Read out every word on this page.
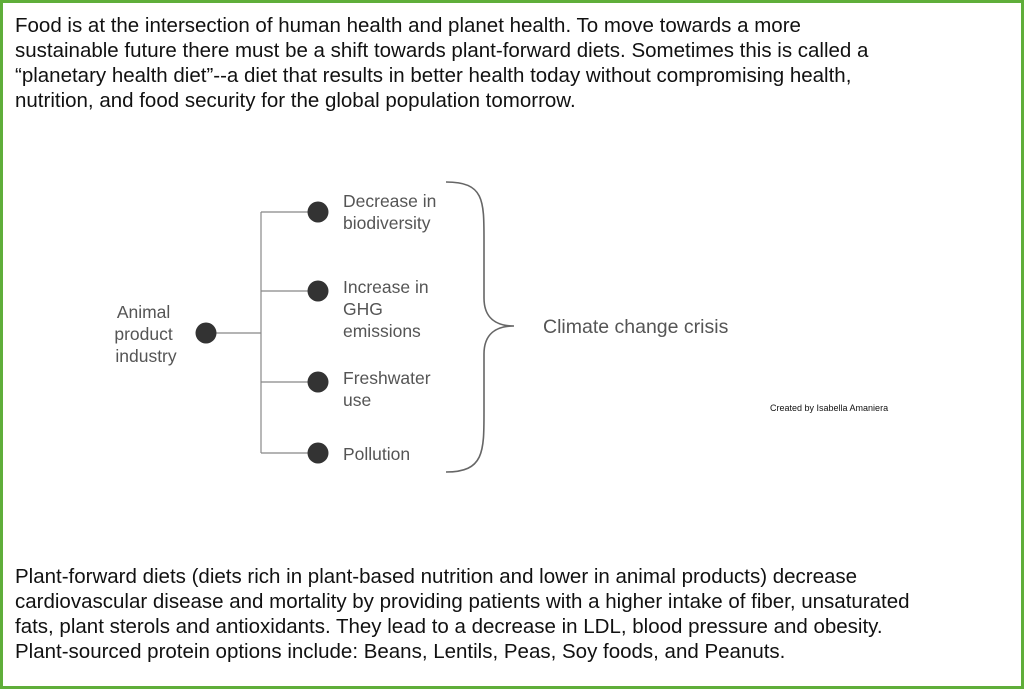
Food is at the intersection of human health and planet health. To move towards a more
sustainable future there must be a shift towards plant-forward diets. Sometimes this is called a
“planetary health diet”--a diet that results in better health today without compromising health,
nutrition, and food security for the global population tomorrow.

Animal product industry
Decrease in biodiversity
Increase in GHG emissions
Freshwater use
Pollution
Climate change crisis
Created by Isabella Amaniera

Plant-forward diets (diets rich in plant-based nutrition and lower in animal products) decrease
cardiovascular disease and mortality by providing patients with a higher intake of fiber, unsaturated
fats, plant sterols and antioxidants. They lead to a decrease in LDL, blood pressure and obesity.
Plant-sourced protein options include: Beans, Lentils, Peas, Soy foods, and Peanuts.
